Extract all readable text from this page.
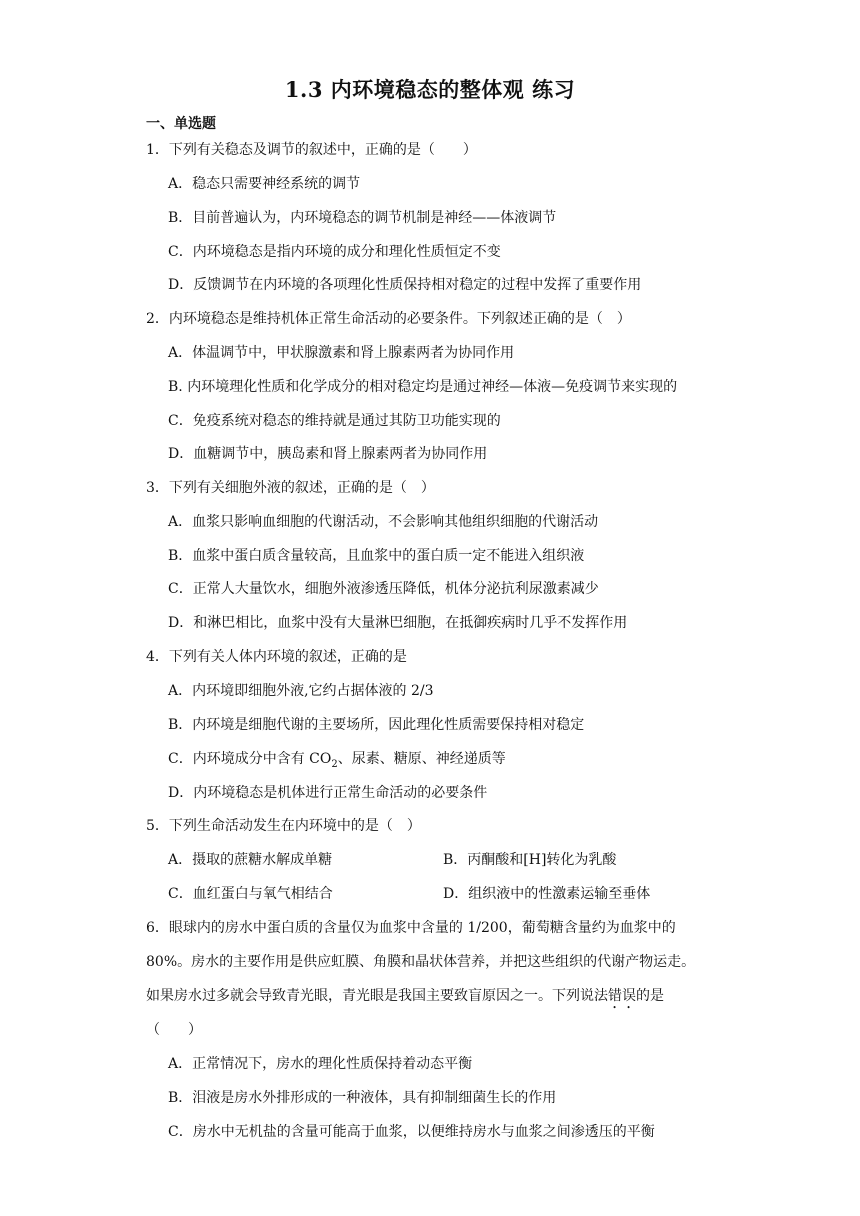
1.3 内环境稳态的整体观 练习
一、单选题
1．下列有关稳态及调节的叙述中，正确的是（　　）
A．稳态只需要神经系统的调节
B．目前普遍认为，内环境稳态的调节机制是神经——体液调节
C．内环境稳态是指内环境的成分和理化性质恒定不变
D．反馈调节在内环境的各项理化性质保持相对稳定的过程中发挥了重要作用
2．内环境稳态是维持机体正常生命活动的必要条件。下列叙述正确的是（　）
A．体温调节中，甲状腺激素和肾上腺素两者为协同作用
B. 内环境理化性质和化学成分的相对稳定均是通过神经—体液—免疫调节来实现的
C．免疫系统对稳态的维持就是通过其防卫功能实现的
D．血糖调节中，胰岛素和肾上腺素两者为协同作用
3．下列有关细胞外液的叙述，正确的是（　）
A．血浆只影响血细胞的代谢活动，不会影响其他组织细胞的代谢活动
B．血浆中蛋白质含量较高，且血浆中的蛋白质一定不能进入组织液
C．正常人大量饮水，细胞外液渗透压降低，机体分泌抗利尿激素减少
D．和淋巴相比，血浆中没有大量淋巴细胞，在抵御疾病时几乎不发挥作用
4．下列有关人体内环境的叙述，正确的是
A．内环境即细胞外液,它约占据体液的 2/3
B．内环境是细胞代谢的主要场所，因此理化性质需要保持相对稳定
C．内环境成分中含有 $CO_2$、尿素、糖原、神经递质等
D．内环境稳态是机体进行正常生命活动的必要条件
5．下列生命活动发生在内环境中的是（　）
A．摄取的蔗糖水解成单糖	B．丙酮酸和[H]转化为乳酸
C．血红蛋白与氧气相结合	D．组织液中的性激素运输至垂体
6．眼球内的房水中蛋白质的含量仅为血浆中含量的 1/200，葡萄糖含量约为血浆中的
80%。房水的主要作用是供应虹膜、角膜和晶状体营养，并把这些组织的代谢产物运走。
如果房水过多就会导致青光眼，青光眼是我国主要致盲原因之一。下列说法错误的是
（　　）
A．正常情况下，房水的理化性质保持着动态平衡
B．泪液是房水外排形成的一种液体，具有抑制细菌生长的作用
C．房水中无机盐的含量可能高于血浆，以便维持房水与血浆之间渗透压的平衡
